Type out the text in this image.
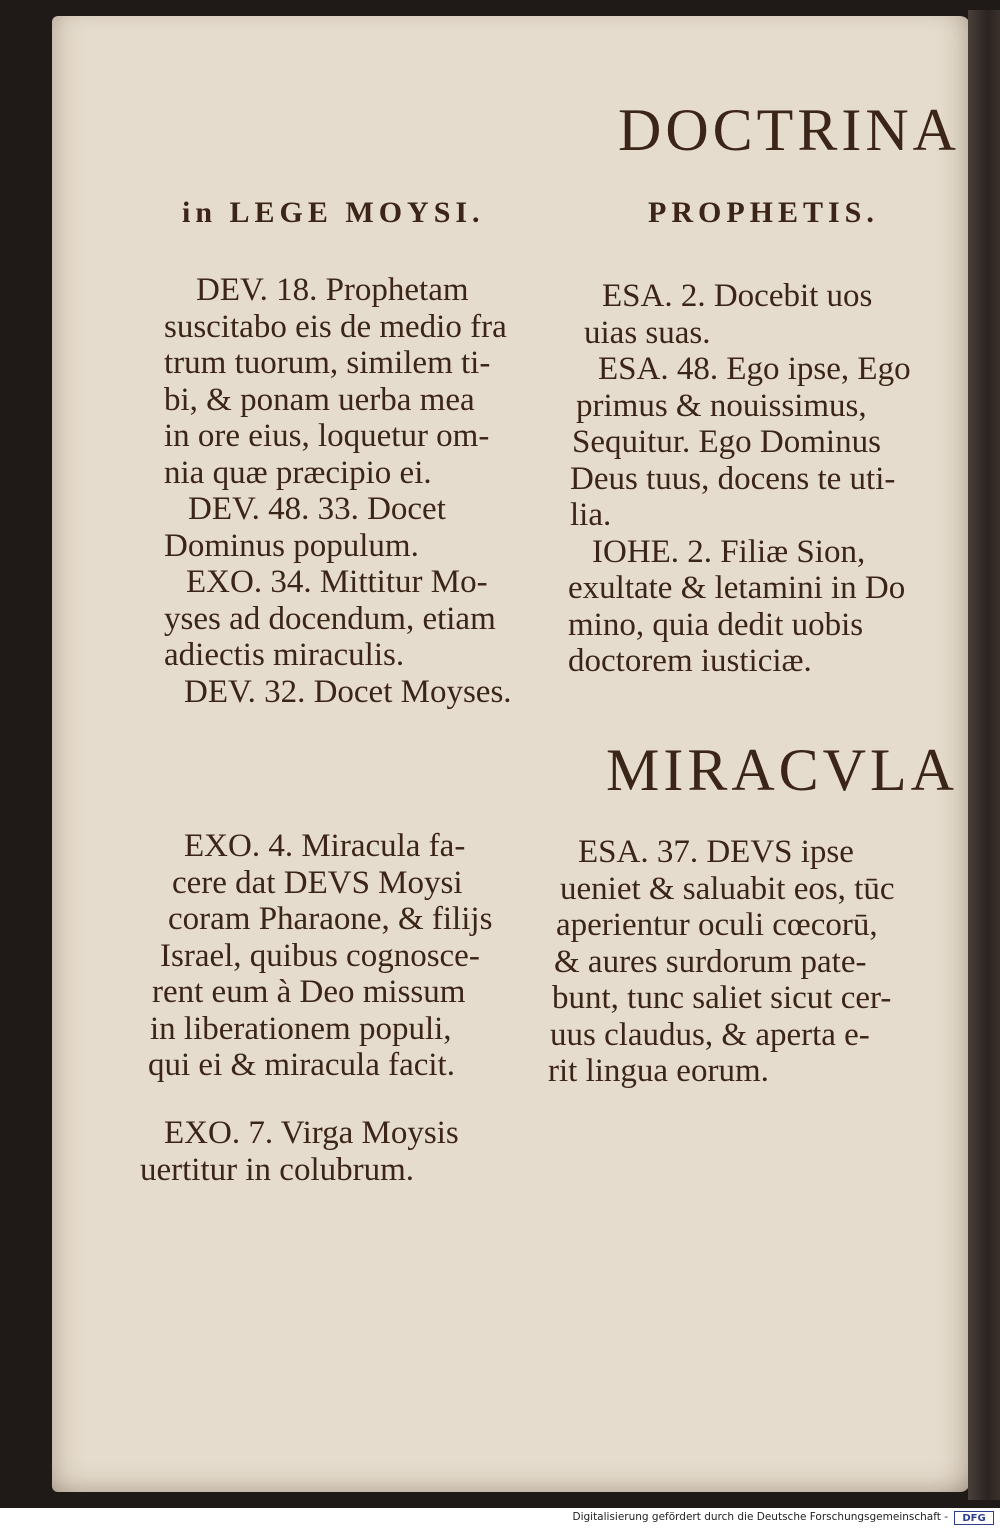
DOCTRINA
in LEGE MOYSI.	PROPHETIS.
DEV. 18. Prophetam
suscitabo eis de medio fra
trum tuorum, similem ti-
bi, & ponam uerba mea
in ore eius, loquetur om-
nia quæ præcipio ei.
DEV. 48. 33. Docet
Dominus populum.
EXO. 34. Mittitur Mo-
yses ad docendum, etiam
adiectis miraculis.
DEV. 32. Docet Moyses.
ESA. 2. Docebit uos
uias suas.
ESA. 48. Ego ipse, Ego
primus & nouissimus,
Sequitur. Ego Dominus
Deus tuus, docens te uti-
lia.
IOHE. 2. Filiæ Sion,
exultate & letamini in Do
mino, quia dedit uobis
doctorem iusticiæ.
MIRACVLA
EXO. 4. Miracula fa-
cere dat DEVS Moysi
coram Pharaone, & filijs
Israel, quibus cognosce-
rent eum à Deo missum
in liberationem populi,
qui ei & miracula facit.
EXO. 7. Virga Moysis
uertitur in colubrum.
ESA. 37. DEVS ipse
ueniet & saluabit eos, tūc
aperientur oculi cœcorū,
& aures surdorum pate-
bunt, tunc saliet sicut cer-
uus claudus, & aperta e-
rit lingua eorum.
Digitalisierung gefördert durch die Deutsche Forschungsgemeinschaft -	DFG
